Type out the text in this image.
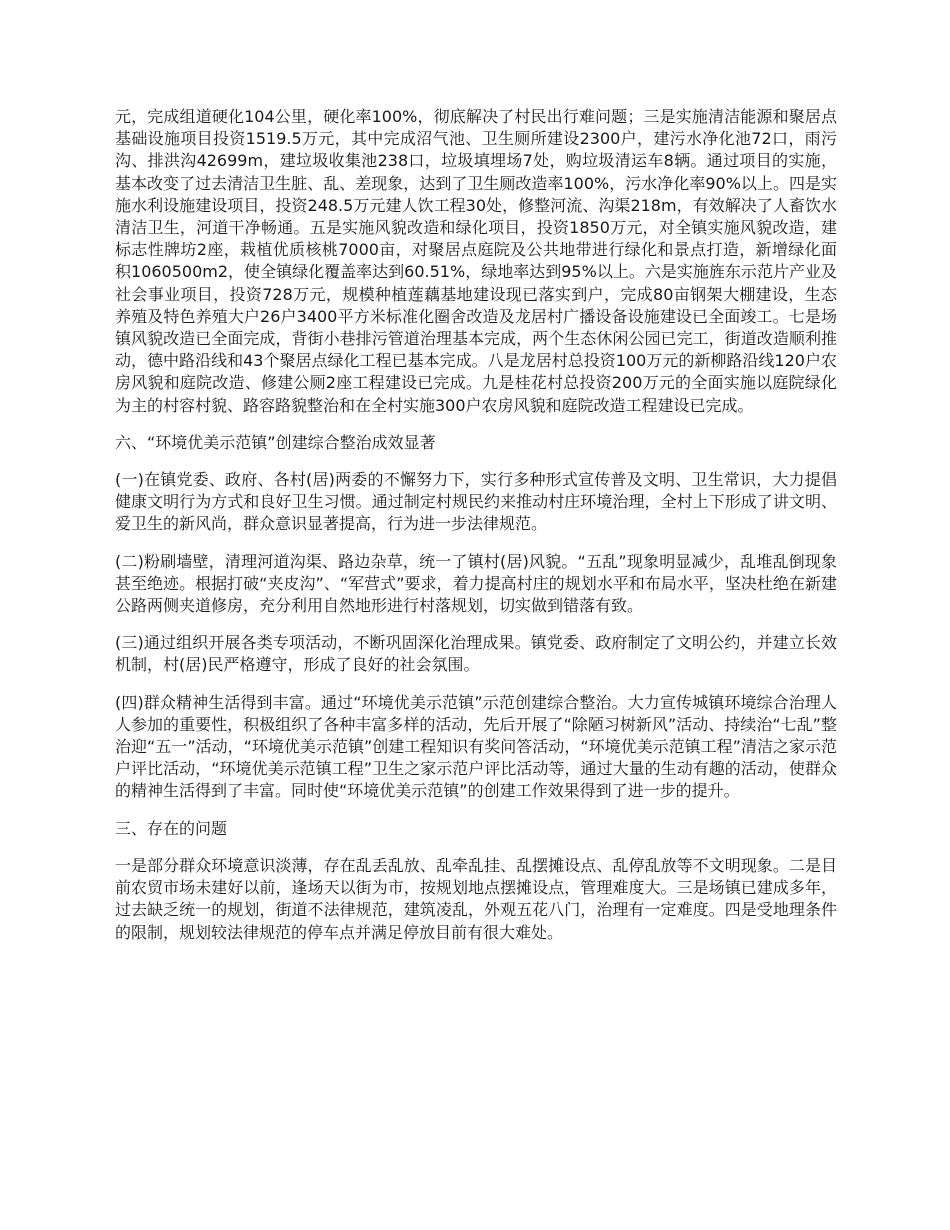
元，完成组道硬化104公里，硬化率100%，彻底解决了村民出行难问题；三是实施清洁能源和聚居点基础设施项目投资1519.5万元，其中完成沼气池、卫生厕所建设2300户，建污水净化池72口，雨污沟、排洪沟42699m，建垃圾收集池238口，垃圾填埋场7处，购垃圾清运车8辆。通过项目的实施，基本改变了过去清洁卫生脏、乱、差现象，达到了卫生厕改造率100%，污水净化率90%以上。四是实施水利设施建设项目，投资248.5万元建人饮工程30处，修整河流、沟渠218m，有效解决了人畜饮水清洁卫生，河道干净畅通。五是实施风貌改造和绿化项目，投资1850万元，对全镇实施风貌改造，建标志性牌坊2座，栽植优质核桃7000亩，对聚居点庭院及公共地带进行绿化和景点打造，新增绿化面积1060500m2，使全镇绿化覆盖率达到60.51%，绿地率达到95%以上。六是实施旌东示范片产业及社会事业项目，投资728万元，规模种植莲藕基地建设现已落实到户，完成80亩钢架大棚建设，生态养殖及特色养殖大户26户3400平方米标准化圈舍改造及龙居村广播设备设施建设已全面竣工。七是场镇风貌改造已全面完成，背街小巷排污管道治理基本完成，两个生态休闲公园已完工，街道改造顺利推动，德中路沿线和43个聚居点绿化工程已基本完成。八是龙居村总投资100万元的新柳路沿线120户农房风貌和庭院改造、修建公厕2座工程建设已完成。九是桂花村总投资200万元的全面实施以庭院绿化为主的村容村貌、路容路貌整治和在全村实施300户农房风貌和庭院改造工程建设已完成。

六、“环境优美示范镇”创建综合整治成效显著

(一)在镇党委、政府、各村(居)两委的不懈努力下，实行多种形式宣传普及文明、卫生常识，大力提倡健康文明行为方式和良好卫生习惯。通过制定村规民约来推动村庄环境治理，全村上下形成了讲文明、爱卫生的新风尚，群众意识显著提高，行为进一步法律规范。

(二)粉刷墙壁，清理河道沟渠、路边杂草，统一了镇村(居)风貌。“五乱”现象明显减少，乱堆乱倒现象甚至绝迹。根据打破“夹皮沟”、“军营式”要求，着力提高村庄的规划水平和布局水平，坚决杜绝在新建公路两侧夹道修房，充分利用自然地形进行村落规划，切实做到错落有致。

(三)通过组织开展各类专项活动，不断巩固深化治理成果。镇党委、政府制定了文明公约，并建立长效机制，村(居)民严格遵守，形成了良好的社会氛围。

(四)群众精神生活得到丰富。通过“环境优美示范镇”示范创建综合整治。大力宣传城镇环境综合治理人人参加的重要性，积极组织了各种丰富多样的活动，先后开展了“除陋习树新风”活动、持续治“七乱”整治迎“五一”活动，“环境优美示范镇”创建工程知识有奖问答活动，“环境优美示范镇工程”清洁之家示范户评比活动，“环境优美示范镇工程”卫生之家示范户评比活动等，通过大量的生动有趣的活动，使群众的精神生活得到了丰富。同时使“环境优美示范镇”的创建工作效果得到了进一步的提升。

三、存在的问题

一是部分群众环境意识淡薄，存在乱丢乱放、乱牵乱挂、乱摆摊设点、乱停乱放等不文明现象。二是目前农贸市场未建好以前，逢场天以街为市，按规划地点摆摊设点，管理难度大。三是场镇已建成多年，过去缺乏统一的规划，街道不法律规范，建筑凌乱，外观五花八门，治理有一定难度。四是受地理条件的限制，规划较法律规范的停车点并满足停放目前有很大难处。
